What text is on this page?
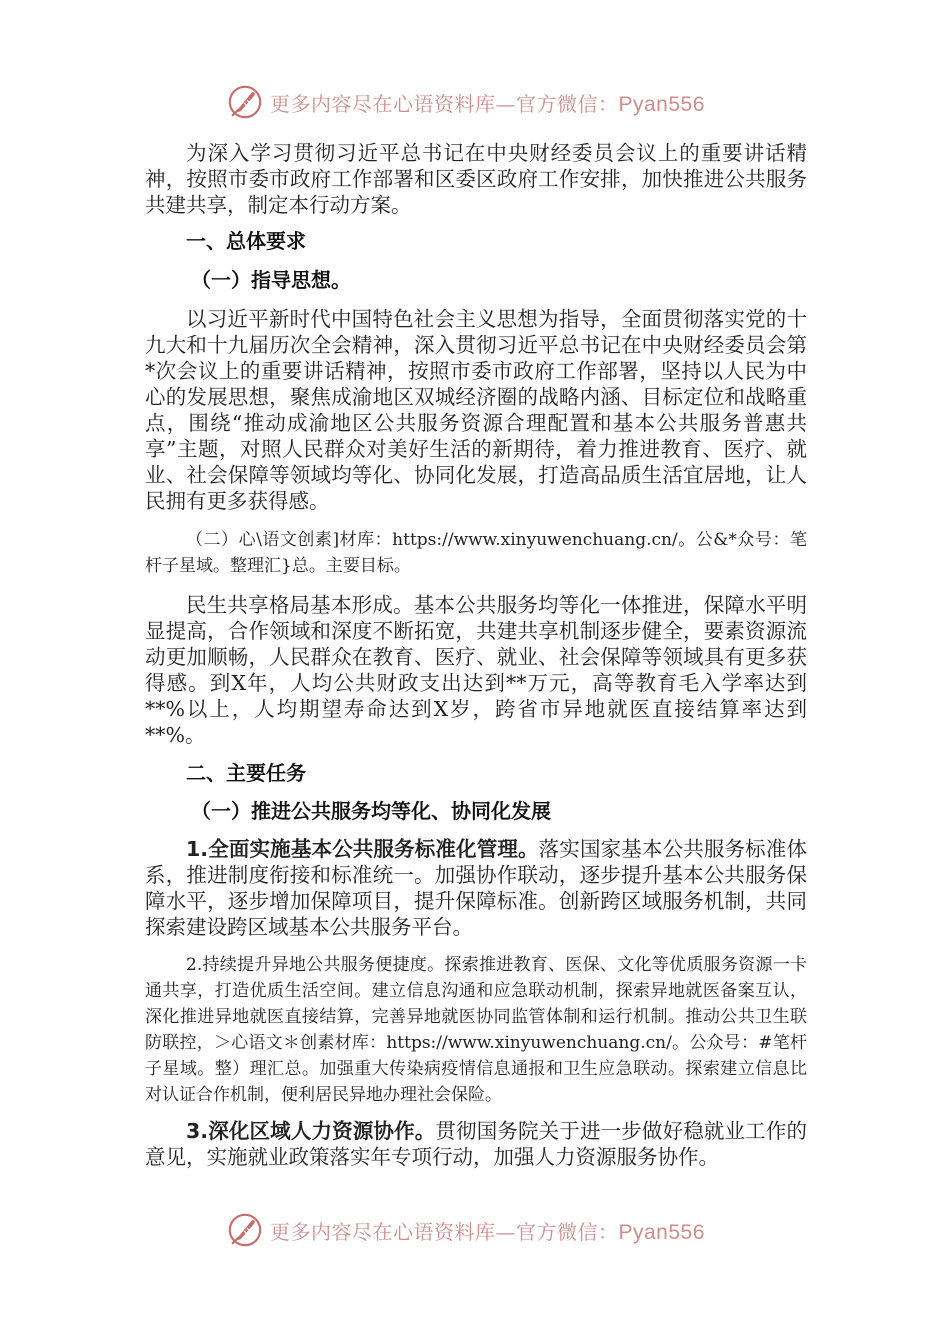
更多内容尽在心语资料库—官方微信：Pyan556

为深入学习贯彻习近平总书记在中央财经委员会议上的重要讲话精神，按照市委市政府工作部署和区委区政府工作安排，加快推进公共服务共建共享，制定本行动方案。

一、总体要求

（一）指导思想。

以习近平新时代中国特色社会主义思想为指导，全面贯彻落实党的十九大和十九届历次全会精神，深入贯彻习近平总书记在中央财经委员会第*次会议上的重要讲话精神，按照市委市政府工作部署，坚持以人民为中心的发展思想，聚焦成渝地区双城经济圈的战略内涵、目标定位和战略重点，围绕“推动成渝地区公共服务资源合理配置和基本公共服务普惠共享”主题，对照人民群众对美好生活的新期待，着力推进教育、医疗、就业、社会保障等领域均等化、协同化发展，打造高品质生活宜居地，让人民拥有更多获得感。

（二）心\语文创素]材库：https://www.xinyuwenchuang.cn/。公&*众号：笔杆子星域。整理汇}总。主要目标。

民生共享格局基本形成。基本公共服务均等化一体推进，保障水平明显提高，合作领域和深度不断拓宽，共建共享机制逐步健全，要素资源流动更加顺畅，人民群众在教育、医疗、就业、社会保障等领域具有更多获得感。到X年，人均公共财政支出达到**万元，高等教育毛入学率达到**%以上，人均期望寿命达到X岁，跨省市异地就医直接结算率达到**%。

二、主要任务

（一）推进公共服务均等化、协同化发展

1.全面实施基本公共服务标准化管理。落实国家基本公共服务标准体系，推进制度衔接和标准统一。加强协作联动，逐步提升基本公共服务保障水平，逐步增加保障项目，提升保障标准。创新跨区域服务机制，共同探索建设跨区域基本公共服务平台。

2.持续提升异地公共服务便捷度。探索推进教育、医保、文化等优质服务资源一卡通共享，打造优质生活空间。建立信息沟通和应急联动机制，探索异地就医备案互认，深化推进异地就医直接结算，完善异地就医协同监管体制和运行机制。推动公共卫生联防联控，＞心语文＊创素材库：https://www.xinyuwenchuang.cn/。公众号：#笔杆子星域。整）理汇总。加强重大传染病疫情信息通报和卫生应急联动。探索建立信息比对认证合作机制，便利居民异地办理社会保险。

3.深化区域人力资源协作。贯彻国务院关于进一步做好稳就业工作的意见，实施就业政策落实年专项行动，加强人力资源服务协作。

更多内容尽在心语资料库—官方微信：Pyan556
